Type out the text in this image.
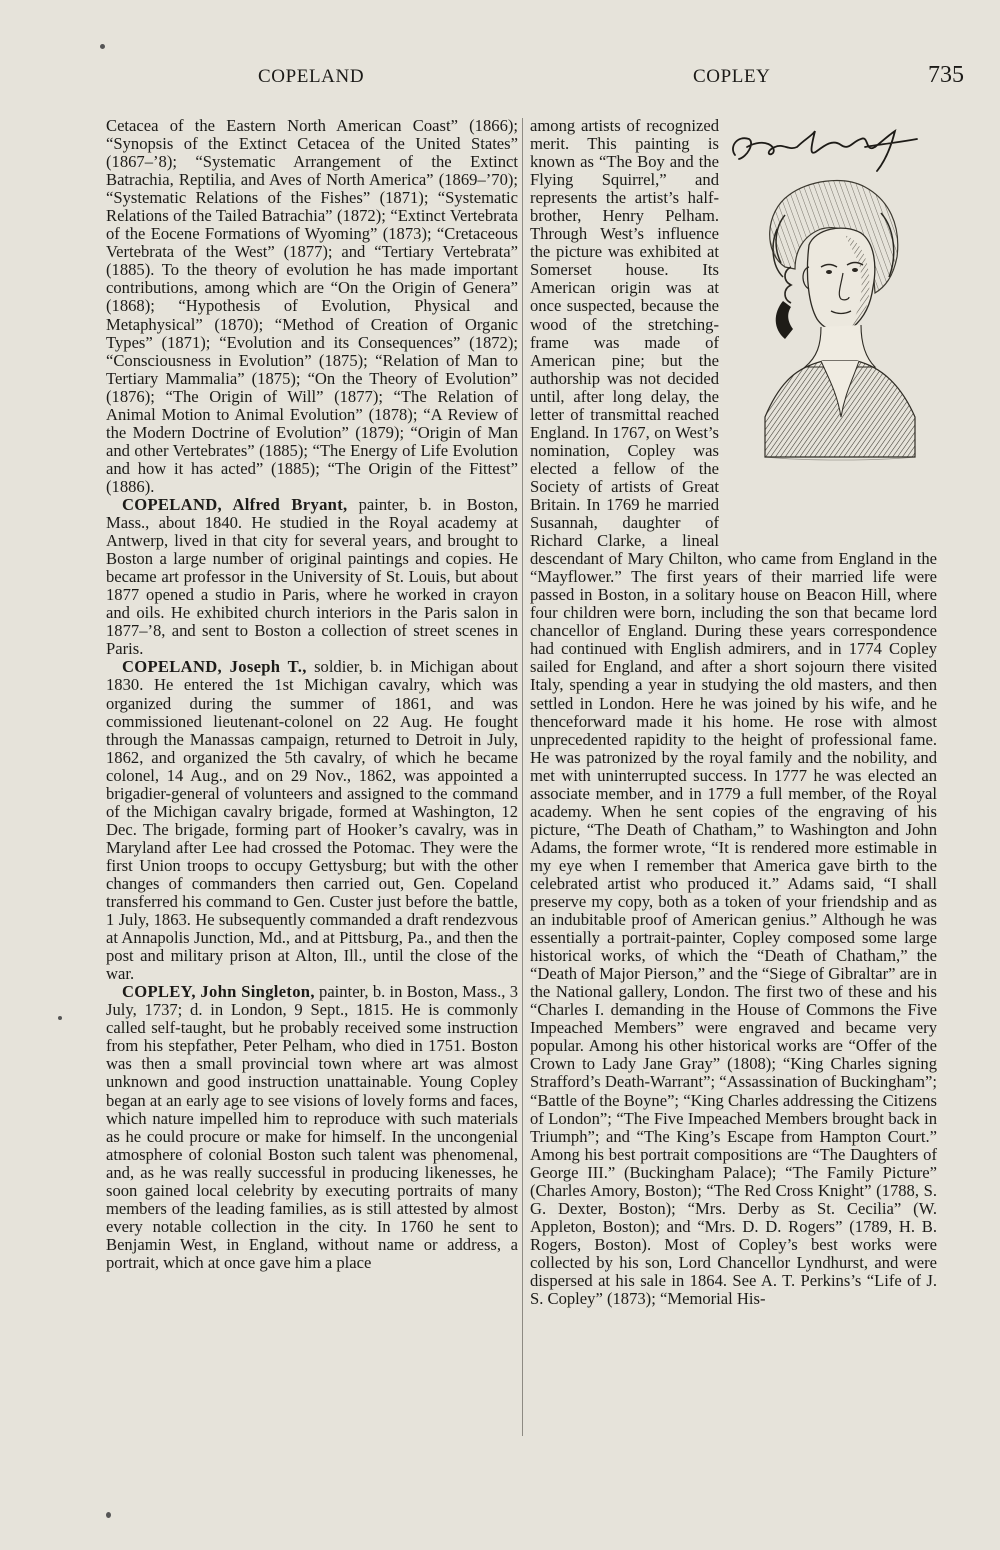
COPELAND	COPLEY	735

Cetacea of the Eastern North American Coast” (1866); “Synopsis of the Extinct Cetacea of the United States” (1867–’8); “Systematic Arrangement of the Extinct Batrachia, Reptilia, and Aves of North America” (1869–’70); “Systematic Relations of the Fishes” (1871); “Systematic Relations of the Tailed Batrachia” (1872); “Extinct Vertebrata of the Eocene Formations of Wyoming” (1873); “Cretaceous Vertebrata of the West” (1877); and “Tertiary Vertebrata” (1885). To the theory of evolution he has made important contributions, among which are “On the Origin of Genera” (1868); “Hypothesis of Evolution, Physical and Metaphysical” (1870); “Method of Creation of Organic Types” (1871); “Evolution and its Consequences” (1872); “Consciousness in Evolution” (1875); “Relation of Man to Tertiary Mammalia” (1875); “On the Theory of Evolution” (1876); “The Origin of Will” (1877); “The Relation of Animal Motion to Animal Evolution” (1878); “A Review of the Modern Doctrine of Evolution” (1879); “Origin of Man and other Vertebrates” (1885); “The Energy of Life Evolution and how it has acted” (1885); “The Origin of the Fittest” (1886).

COPELAND, Alfred Bryant, painter, b. in Boston, Mass., about 1840. He studied in the Royal academy at Antwerp, lived in that city for several years, and brought to Boston a large number of original paintings and copies. He became art professor in the University of St. Louis, but about 1877 opened a studio in Paris, where he worked in crayon and oils. He exhibited church interiors in the Paris salon in 1877–’8, and sent to Boston a collection of street scenes in Paris.

COPELAND, Joseph T., soldier, b. in Michigan about 1830. He entered the 1st Michigan cavalry, which was organized during the summer of 1861, and was commissioned lieutenant-colonel on 22 Aug. He fought through the Manassas campaign, returned to Detroit in July, 1862, and organized the 5th cavalry, of which he became colonel, 14 Aug., and on 29 Nov., 1862, was appointed a brigadier-general of volunteers and assigned to the command of the Michigan cavalry brigade, formed at Washington, 12 Dec. The brigade, forming part of Hooker’s cavalry, was in Maryland after Lee had crossed the Potomac. They were the first Union troops to occupy Gettysburg; but with the other changes of commanders then carried out, Gen. Copeland transferred his command to Gen. Custer just before the battle, 1 July, 1863. He subsequently commanded a draft rendezvous at Annapolis Junction, Md., and at Pittsburg, Pa., and then the post and military prison at Alton, Ill., until the close of the war.

COPLEY, John Singleton, painter, b. in Boston, Mass., 3 July, 1737; d. in London, 9 Sept., 1815. He is commonly called self-taught, but he probably received some instruction from his stepfather, Peter Pelham, who died in 1751. Boston was then a small provincial town where art was almost unknown and good instruction unattainable. Young Copley began at an early age to see visions of lovely forms and faces, which nature impelled him to reproduce with such materials as he could procure or make for himself. In the uncongenial atmosphere of colonial Boston such talent was phenomenal, and, as he was really successful in producing likenesses, he soon gained local celebrity by executing portraits of many members of the leading families, as is still attested by almost every notable collection in the city. In 1760 he sent to Benjamin West, in England, without name or address, a portrait, which at once gave him a place

among artists of recognized merit. This painting is known as “The Boy and the Flying Squirrel,” and represents the artist’s half-brother, Henry Pelham. Through West’s influence the picture was exhibited at Somerset house. Its American origin was at once suspected, because the wood of the stretching-frame was made of American pine; but the authorship was not decided until, after long delay, the letter of transmittal reached England. In 1767, on West’s nomination, Copley was elected a fellow of the Society of artists of Great Britain. In 1769 he married Susannah, daughter of Richard Clarke, a lineal descendant of Mary Chilton, who came from England in the “Mayflower.” The first years of their married life were passed in Boston, in a solitary house on Beacon Hill, where four children were born, including the son that became lord chancellor of England. During these years correspondence had continued with English admirers, and in 1774 Copley sailed for England, and after a short sojourn there visited Italy, spending a year in studying the old masters, and then settled in London. Here he was joined by his wife, and he thenceforward made it his home. He rose with almost unprecedented rapidity to the height of professional fame. He was patronized by the royal family and the nobility, and met with uninterrupted success. In 1777 he was elected an associate member, and in 1779 a full member, of the Royal academy. When he sent copies of the engraving of his picture, “The Death of Chatham,” to Washington and John Adams, the former wrote, “It is rendered more estimable in my eye when I remember that America gave birth to the celebrated artist who produced it.” Adams said, “I shall preserve my copy, both as a token of your friendship and as an indubitable proof of American genius.” Although he was essentially a portrait-painter, Copley composed some large historical works, of which the “Death of Chatham,” the “Death of Major Pierson,” and the “Siege of Gibraltar” are in the National gallery, London. The first two of these and his “Charles I. demanding in the House of Commons the Five Impeached Members” were engraved and became very popular. Among his other historical works are “Offer of the Crown to Lady Jane Gray” (1808); “King Charles signing Strafford’s Death-Warrant”; “Assassination of Buckingham”; “Battle of the Boyne”; “King Charles addressing the Citizens of London”; “The Five Impeached Members brought back in Triumph”; and “The King’s Escape from Hampton Court.” Among his best portrait compositions are “The Daughters of George III.” (Buckingham Palace); “The Family Picture” (Charles Amory, Boston); “The Red Cross Knight” (1788, S. G. Dexter, Boston); “Mrs. Derby as St. Cecilia” (W. Appleton, Boston); and “Mrs. D. D. Rogers” (1789, H. B. Rogers, Boston). Most of Copley’s best works were collected by his son, Lord Chancellor Lyndhurst, and were dispersed at his sale in 1864. See A. T. Perkins’s “Life of J. S. Copley” (1873); “Memorial His-
